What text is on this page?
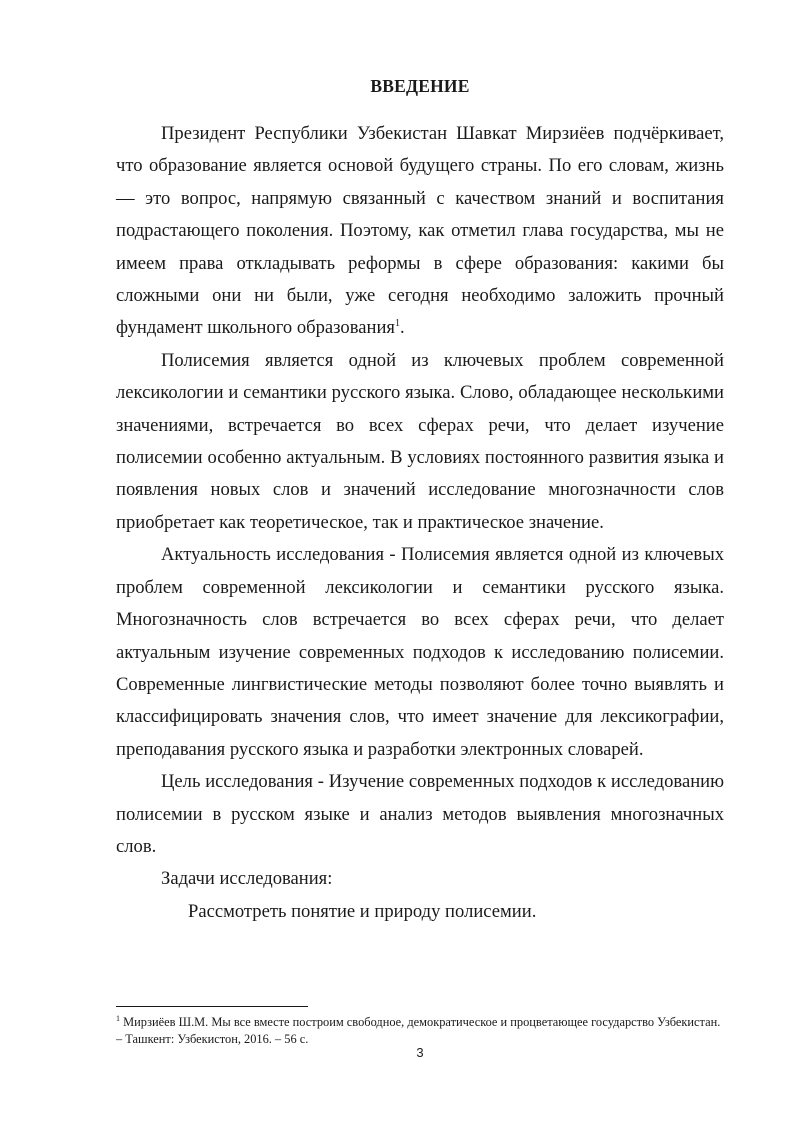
ВВЕДЕНИЕ

Президент Республики Узбекистан Шавкат Мирзиёев подчёркивает, что образование является основой будущего страны. По его словам, жизнь — это вопрос, напрямую связанный с качеством знаний и воспитания подрастающего поколения. Поэтому, как отметил глава государства, мы не имеем права откладывать реформы в сфере образования: какими бы сложными они ни были, уже сегодня необходимо заложить прочный фундамент школьного образования$^1$.

Полисемия является одной из ключевых проблем современной лексикологии и семантики русского языка. Слово, обладающее несколькими значениями, встречается во всех сферах речи, что делает изучение полисемии особенно актуальным. В условиях постоянного развития языка и появления новых слов и значений исследование многозначности слов приобретает как теоретическое, так и практическое значение.

Актуальность исследования - Полисемия является одной из ключевых проблем современной лексикологии и семантики русского языка. Многозначность слов встречается во всех сферах речи, что делает актуальным изучение современных подходов к исследованию полисемии. Современные лингвистические методы позволяют более точно выявлять и классифицировать значения слов, что имеет значение для лексикографии, преподавания русского языка и разработки электронных словарей.

Цель исследования - Изучение современных подходов к исследованию полисемии в русском языке и анализ методов выявления многозначных слов.

Задачи исследования:

Рассмотреть понятие и природу полисемии.

$^1$ Мирзиёев Ш.М. Мы все вместе построим свободное, демократическое и процветающее государство Узбекистан. – Ташкент: Узбекистон, 2016. – 56 с.

3
